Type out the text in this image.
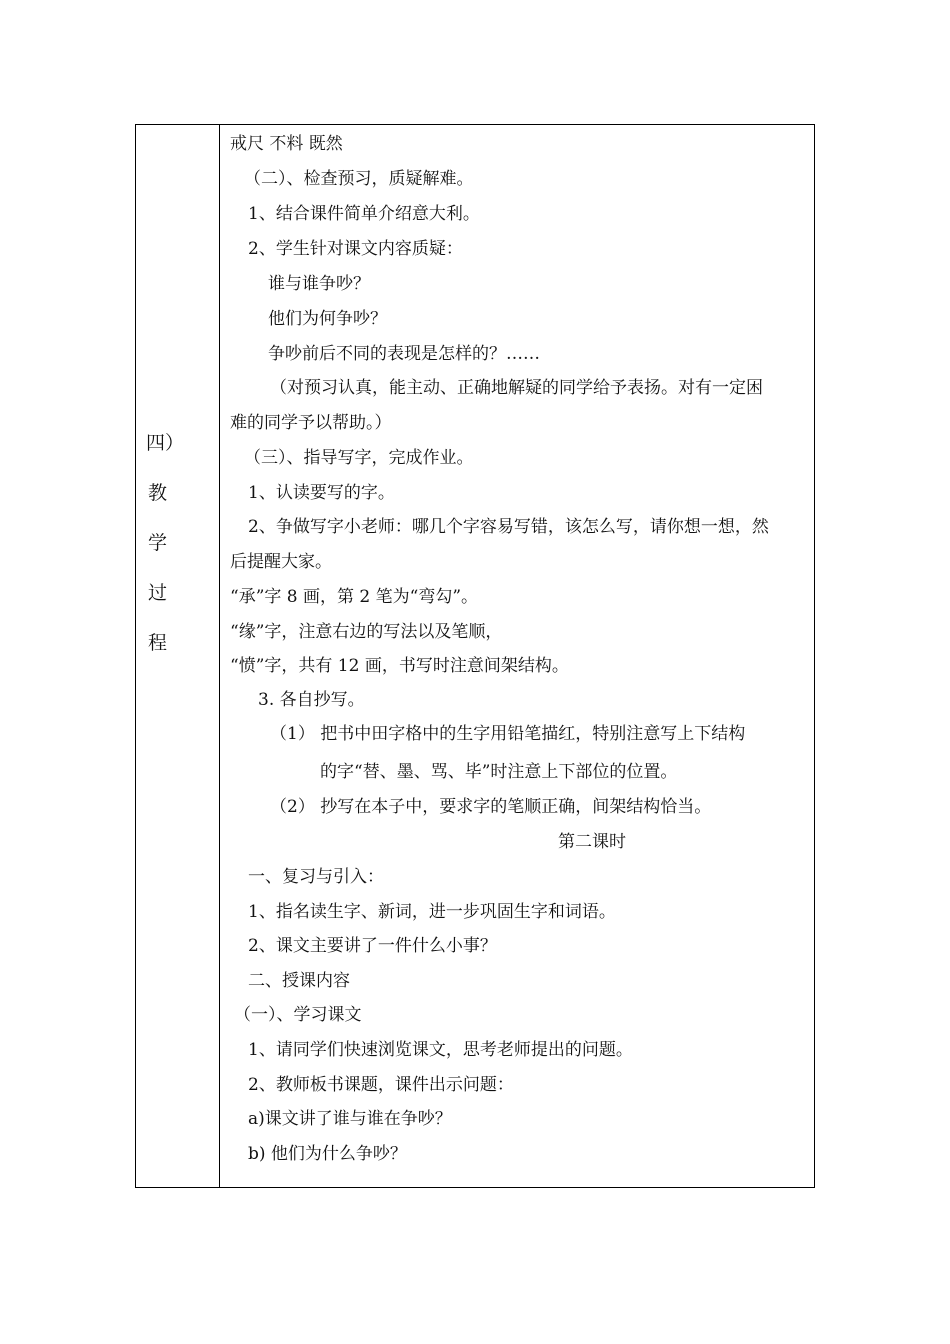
四）
教
学
过
程
戒尺 不料 既然
（二）、检查预习，质疑解难。
1、结合课件简单介绍意大利。
2、学生针对课文内容质疑：
谁与谁争吵？
他们为何争吵？
争吵前后不同的表现是怎样的？……
（对预习认真，能主动、正确地解疑的同学给予表扬。对有一定困
难的同学予以帮助。）
（三）、指导写字，完成作业。
1、认读要写的字。
2、争做写字小老师：哪几个字容易写错，该怎么写，请你想一想，然
后提醒大家。
“承”字 8 画，第 2 笔为“弯勾”。
“缘”字，注意右边的写法以及笔顺，
“愤”字，共有 12 画，书写时注意间架结构。
3. 各自抄写。
（1） 把书中田字格中的生字用铅笔描红，特别注意写上下结构
的字“替、墨、骂、毕”时注意上下部位的位置。
（2） 抄写在本子中，要求字的笔顺正确，间架结构恰当。
第二课时
一、复习与引入：
1、指名读生字、新词，进一步巩固生字和词语。
2、课文主要讲了一件什么小事？
二、授课内容
（一）、学习课文
1、请同学们快速浏览课文，思考老师提出的问题。
2、教师板书课题，课件出示问题：
a)课文讲了谁与谁在争吵？
b) 他们为什么争吵？
